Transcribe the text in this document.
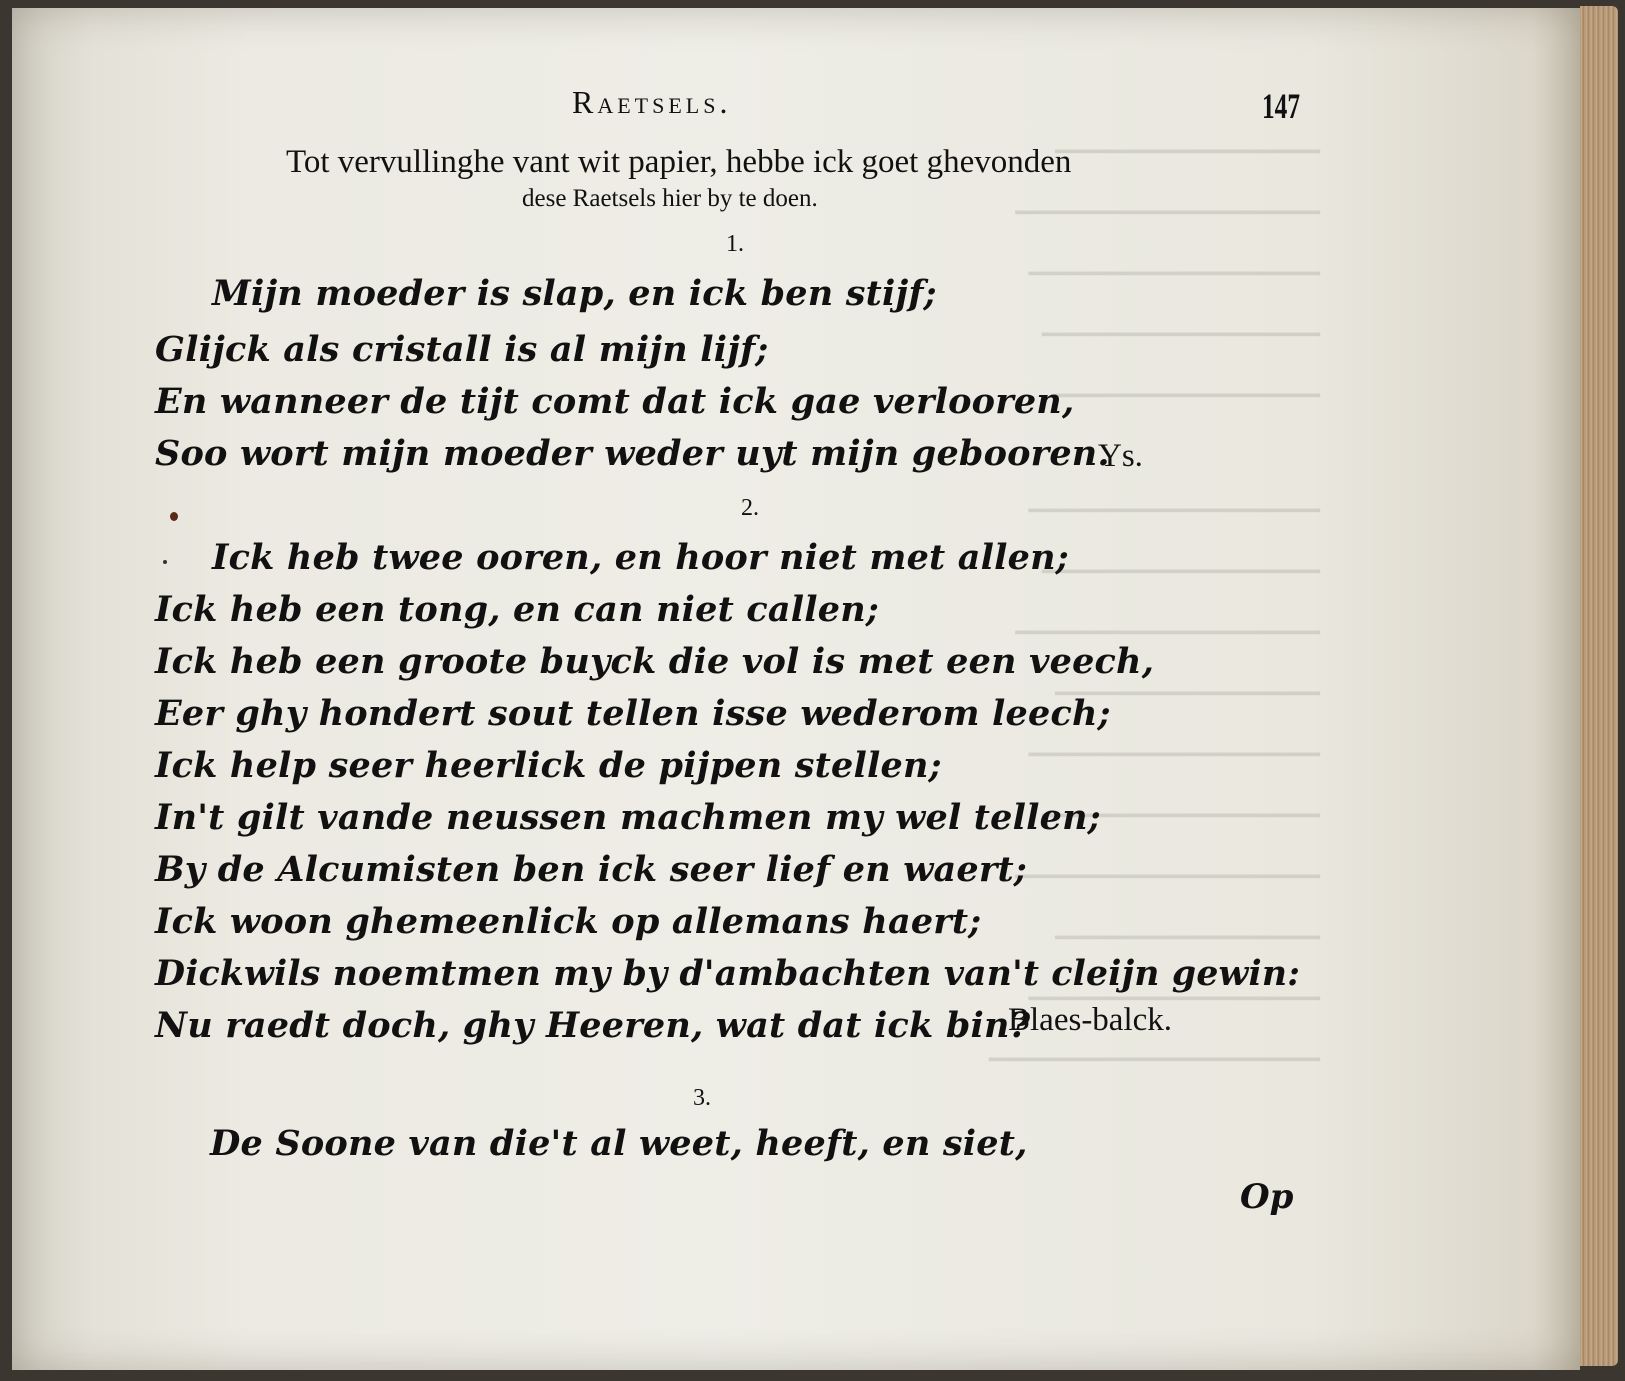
━━━━━━━━━━━━━━━━━━━━
━━━━━━━━━━━━━━━━━━━━━━━
━━━━━━━━━━━━━━━━━━━━━━
━━━━━━━━━━━━━━━━━━━━━
━━━━━━━━━━━━━━━━━━━━
━━━━━━━━━━━━━━━━━━━━━━
━━━━━━━━━━━━━━━━━━━━━
━━━━━━━━━━━━━━━━━━━━━━━
━━━━━━━━━━━━━━━━━━━━
━━━━━━━━━━━━━━━━━━━━━━
━━━━━━━━━━━━━━━━━━━━━
━━━━━━━━━━━━━━━━━━━━━━━
━━━━━━━━━━━━━━━━━━━━
━━━━━━━━━━━━━━━━━━━━━━
━━━━━━━━━━━━━━━━━━━━━━━━━
Raetsels.	147
Tot vervullinghe vant wit papier, hebbe ick goet ghevonden
dese Raetsels hier by te doen.
1.
Mijn moeder is slap, en ick ben stijf;
Glijck als cristall is al mijn lijf;
En wanneer de tijt comt dat ick gae verlooren,
Soo wort mijn moeder weder uyt mijn gebooren.
Ys.
2.
Ick heb twee ooren, en hoor niet met allen;
Ick heb een tong, en can niet callen;
Ick heb een groote buyck die vol is met een veech,
Eer ghy hondert sout tellen isse wederom leech;
Ick help seer heerlick de pijpen stellen;
In't gilt vande neussen machmen my wel tellen;
By de Alcumisten ben ick seer lief en waert;
Ick woon ghemeenlick op allemans haert;
Dickwils noemtmen my by d'ambachten van't cleijn gewin:
Nu raedt doch, ghy Heeren, wat dat ick bin?
Blaes-balck.
3.
De Soone van die't al weet, heeft, en siet,
Op
